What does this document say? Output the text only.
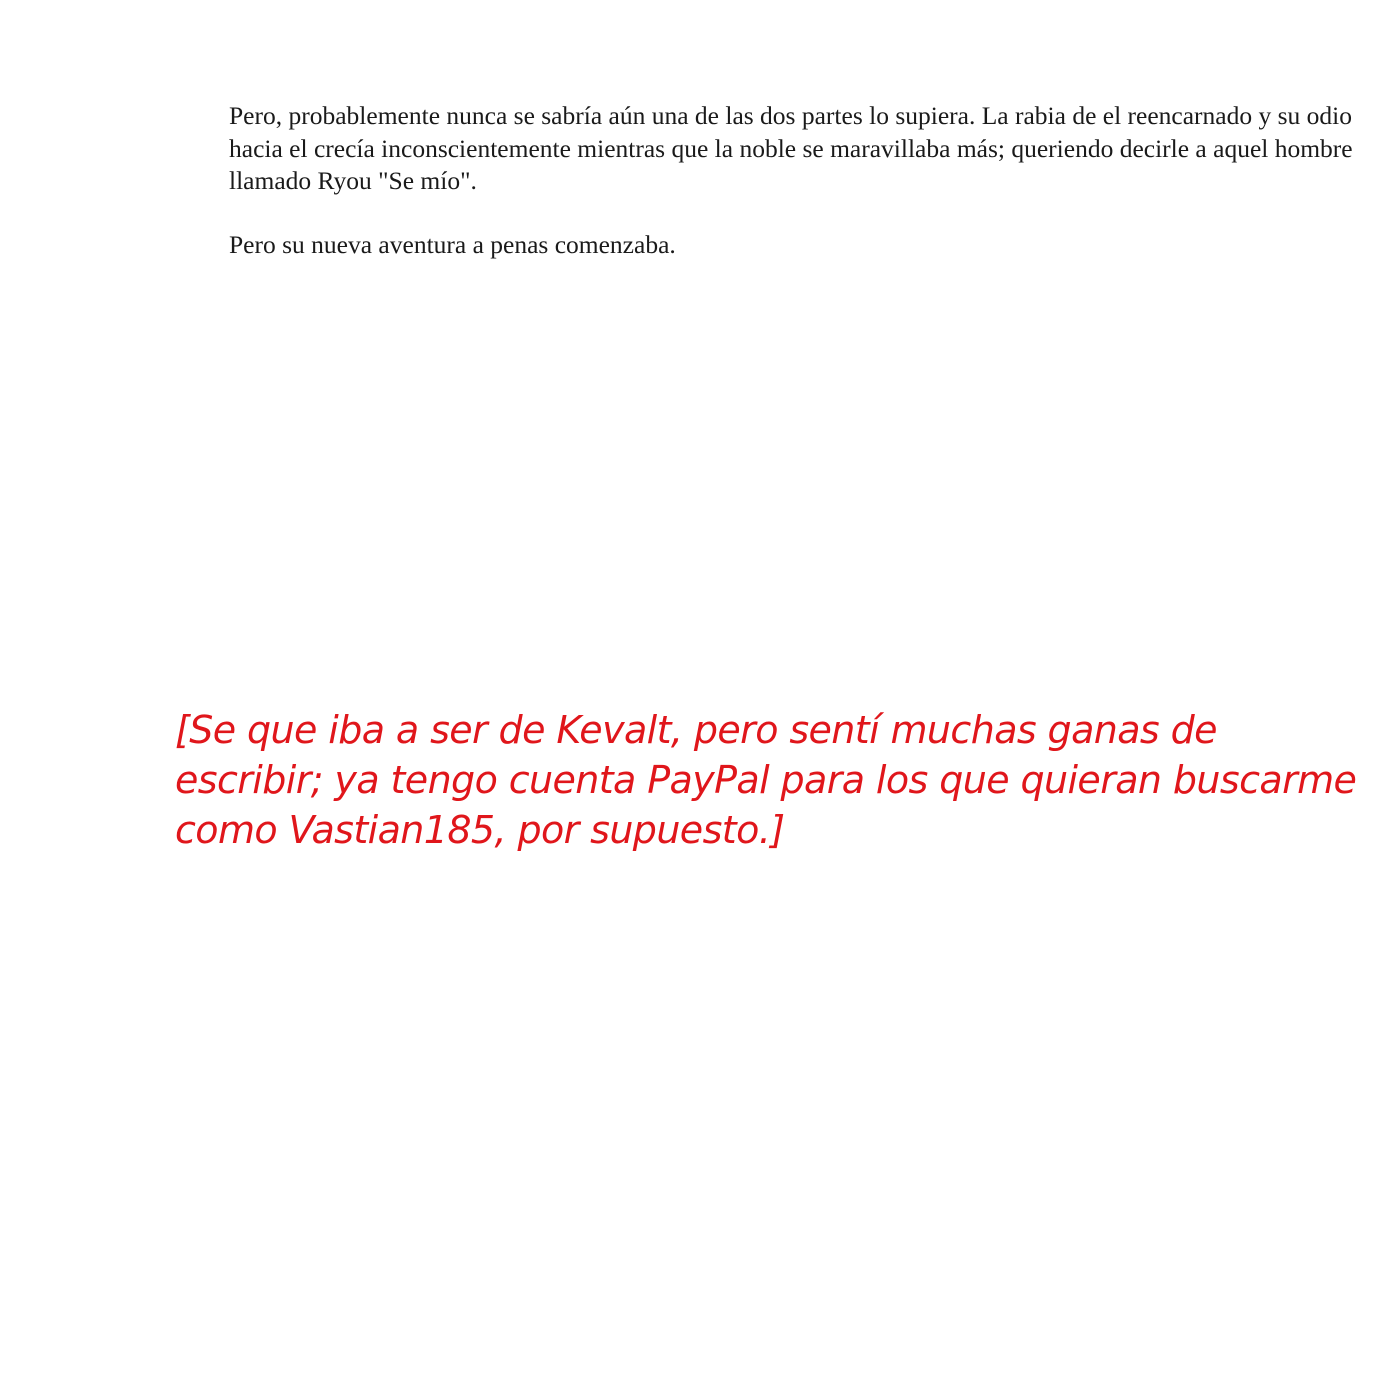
Pero, probablemente nunca se sabría aún una de las dos partes lo supiera. La rabia de el reencarnado y su odio hacia el crecía inconscientemente mientras que la noble se maravillaba más; queriendo decirle a aquel hombre llamado Ryou "Se mío".

Pero su nueva aventura a penas comenzaba.

[Se que iba a ser de Kevalt, pero sentí muchas ganas de escribir; ya tengo cuenta PayPal para los que quieran buscarme como Vastian185, por supuesto.]
